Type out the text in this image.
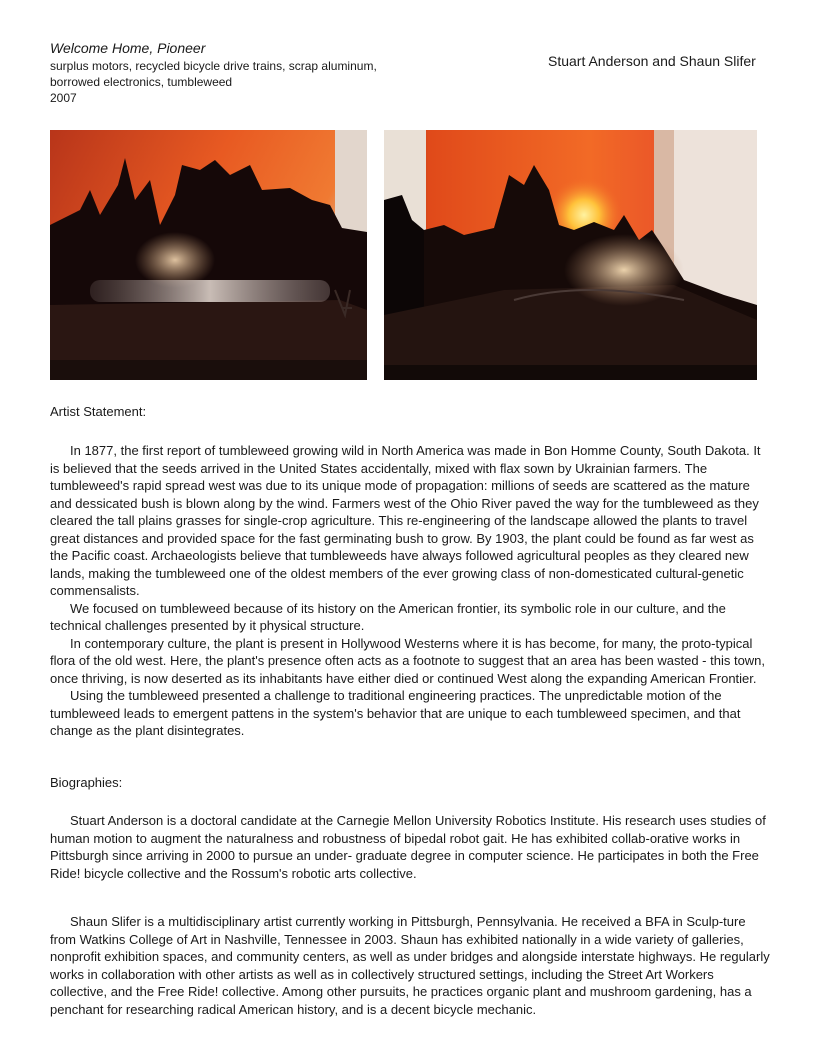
Welcome Home, Pioneer
surplus motors, recycled bicycle drive trains, scrap aluminum,
borrowed electronics, tumbleweed
2007
Stuart Anderson and Shaun Slifer
Artist Statement:

In 1877, the first report of tumbleweed growing wild in North America was made in Bon Homme County, South Dakota. It is believed that the seeds arrived in the United States accidentally, mixed with flax sown by Ukrainian farmers. The tumbleweed's rapid spread west was due to its unique mode of propagation: millions of seeds are scattered as the mature and dessicated bush is blown along by the wind. Farmers west of the Ohio River paved the way for the tumbleweed as they cleared the tall plains grasses for single-crop agriculture. This re-engineering of the landscape allowed the plants to travel great distances and provided space for the fast germinating bush to grow. By 1903, the plant could be found as far west as the Pacific coast. Archaeologists believe that tumbleweeds have always followed agricultural peoples as they cleared new lands, making the tumbleweed one of the oldest members of the ever growing class of non-domesticated cultural-genetic commensalists.

We focused on tumbleweed because of its history on the American frontier, its symbolic role in our culture, and the technical challenges presented by it physical structure.

In contemporary culture, the plant is present in Hollywood Westerns where it is has become, for many, the proto-typical flora of the old west. Here, the plant's presence often acts as a footnote to suggest that an area has been wasted - this town, once thriving, is now deserted as its inhabitants have either died or continued West along the expanding American Frontier.

Using the tumbleweed presented a challenge to traditional engineering practices. The unpredictable motion of the tumbleweed leads to emergent pattens in the system's behavior that are unique to each tumbleweed specimen, and that change as the plant disintegrates.

Biographies:

Stuart Anderson is a doctoral candidate at the Carnegie Mellon University Robotics Institute. His research uses studies of human motion to augment the naturalness and robustness of bipedal robot gait. He has exhibited collab-orative works in Pittsburgh since arriving in 2000 to pursue an under- graduate degree in computer science. He participates in both the Free Ride! bicycle collective and the Rossum's robotic arts collective.

Shaun Slifer is a multidisciplinary artist currently working in Pittsburgh, Pennsylvania. He received a BFA in Sculp-ture from Watkins College of Art in Nashville, Tennessee in 2003. Shaun has exhibited nationally in a wide variety of galleries, nonprofit exhibition spaces, and community centers, as well as under bridges and alongside interstate highways. He regularly works in collaboration with other artists as well as in collectively structured settings, including the Street Art Workers collective, and the Free Ride! collective. Among other pursuits, he practices organic plant and mushroom gardening, has a penchant for researching radical American history, and is a decent bicycle mechanic.
